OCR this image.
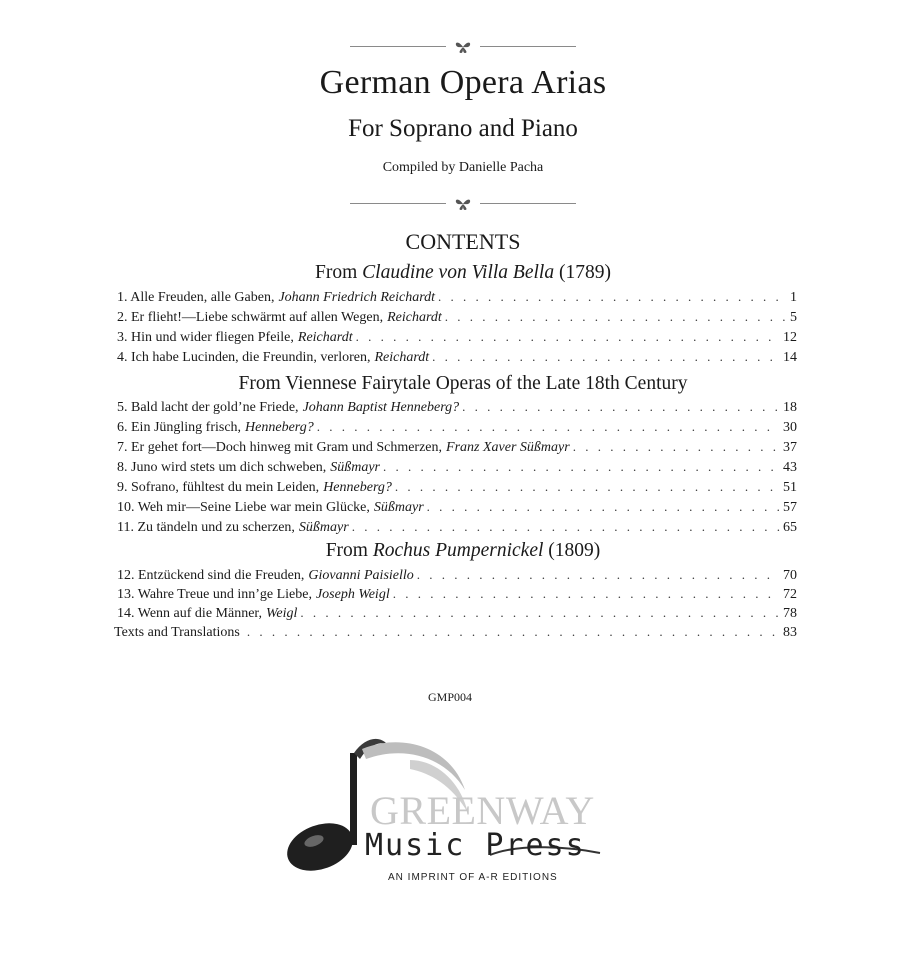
German Opera Arias
For Soprano and Piano
Compiled by Danielle Pacha
CONTENTS
From Claudine von Villa Bella (1789)
1. Alle Freuden, alle Gaben, Johann Friedrich Reichardt . . .	1
2. Er flieht!—Liebe schwärmt auf allen Wegen, Reichardt . . .	5
3. Hin und wider fliegen Pfeile, Reichardt . . .	12
4. Ich habe Lucinden, die Freundin, verloren, Reichardt . . .	14
From Viennese Fairytale Operas of the Late 18th Century
5. Bald lacht der gold’ne Friede, Johann Baptist Henneberg? . . .	18
6. Ein Jüngling frisch, Henneberg? . . .	30
7. Er gehet fort—Doch hinweg mit Gram und Schmerzen, Franz Xaver Süßmayr . . .	37
8. Juno wird stets um dich schweben, Süßmayr . . .	43
9. Sofrano, fühltest du mein Leiden, Henneberg? . . .	51
10. Weh mir—Seine Liebe war mein Glücke, Süßmayr . . .	57
11. Zu tändeln und zu scherzen, Süßmayr . . .	65
From Rochus Pumpernickel (1809)
12. Entzückend sind die Freuden, Giovanni Paisiello . . .	70
13. Wahre Treue und inn’ge Liebe, Joseph Weigl . . .	72
14. Wenn auf die Männer, Weigl . . .	78
Texts and Translations . . .	83
GMP004
GREENWAY
Music Press
AN IMPRINT OF A-R EDITIONS
